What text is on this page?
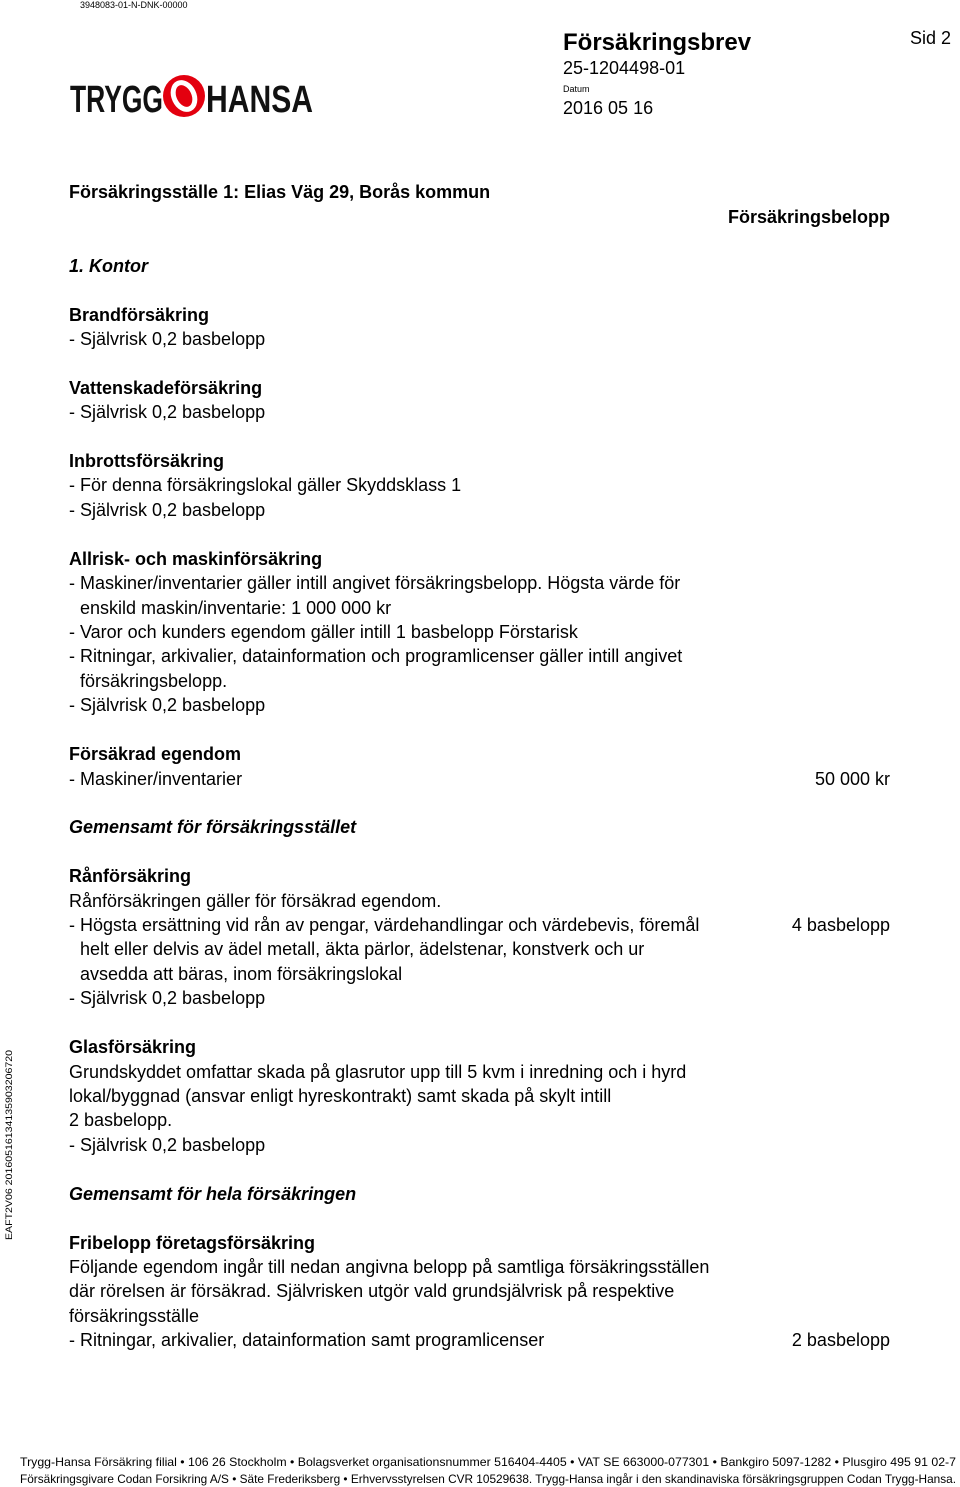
3948083-01-N-DNK-00000
TRYGG HANSA
Försäkringsbrev	Sid 2
25-1204498-01
Datum
2016 05 16
Försäkringsställe 1: Elias Väg 29, Borås kommun
Försäkringsbelopp
1. Kontor
Brandförsäkring
- Självrisk 0,2 basbelopp
Vattenskadeförsäkring
- Självrisk 0,2 basbelopp
Inbrottsförsäkring
- För denna försäkringslokal gäller Skyddsklass 1
- Självrisk 0,2 basbelopp
Allrisk- och maskinförsäkring
- Maskiner/inventarier gäller intill angivet försäkringsbelopp. Högsta värde för
enskild maskin/inventarie: 1 000 000 kr
- Varor och kunders egendom gäller intill 1 basbelopp Förstarisk
- Ritningar, arkivalier, datainformation och programlicenser gäller intill angivet
försäkringsbelopp.
- Självrisk 0,2 basbelopp
Försäkrad egendom
- Maskiner/inventarier	50 000 kr
Gemensamt för försäkringsstället
Rånförsäkring
Rånförsäkringen gäller för försäkrad egendom.
- Högsta ersättning vid rån av pengar, värdehandlingar och värdebevis, föremål	4 basbelopp
helt eller delvis av ädel metall, äkta pärlor, ädelstenar, konstverk och ur
avsedda att bäras, inom försäkringslokal
- Självrisk 0,2 basbelopp
Glasförsäkring
Grundskyddet omfattar skada på glasrutor upp till 5 kvm i inredning och i hyrd
lokal/byggnad (ansvar enligt hyreskontrakt) samt skada på skylt intill
2 basbelopp.
- Självrisk 0,2 basbelopp
Gemensamt för hela försäkringen
Fribelopp företagsförsäkring
Följande egendom ingår till nedan angivna belopp på samtliga försäkringsställen
där rörelsen är försäkrad. Självrisken utgör vald grundsjälvrisk på respektive
försäkringsställe
- Ritningar, arkivalier, datainformation samt programlicenser	2 basbelopp
EAFT2V06 20160516134135903206720
Trygg-Hansa Försäkring filial • 106 26 Stockholm • Bolagsverket organisationsnummer 516404-4405 • VAT SE 663000-077301 • Bankgiro 5097-1282 • Plusgiro 495 91 02-7
Försäkringsgivare Codan Forsikring A/S • Säte Frederiksberg • Erhvervsstyrelsen CVR 10529638. Trygg-Hansa ingår i den skandinaviska försäkringsgruppen Codan Trygg-Hansa.
